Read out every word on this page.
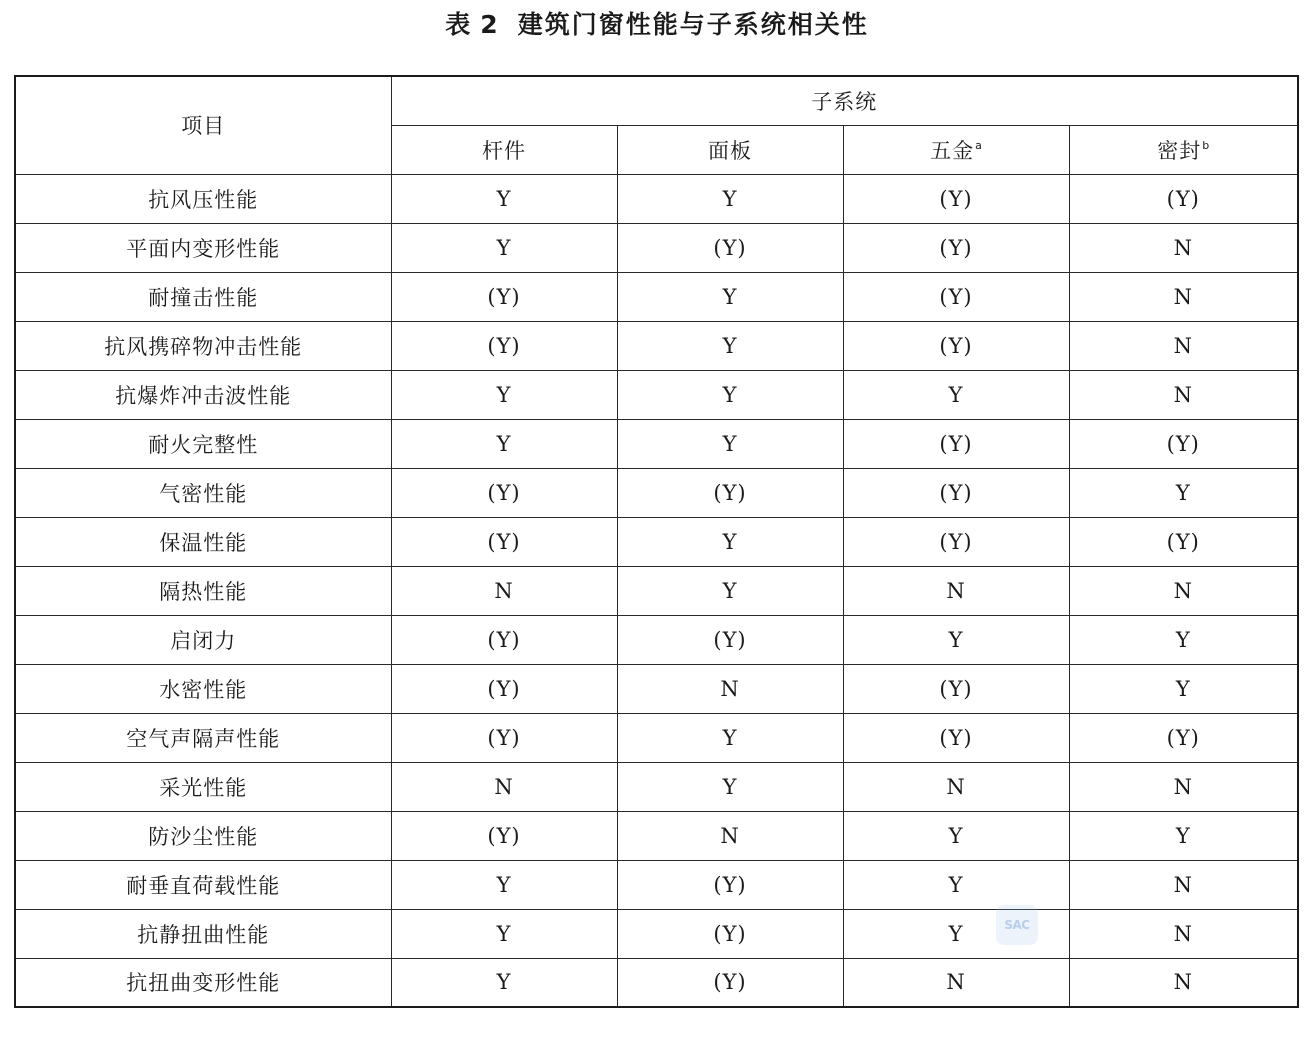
表 2 建筑门窗性能与子系统相关性
项目	子系统			
	杆件	面板	五金$^a$	密封$^b$
抗风压性能	Y	Y	(Y)	(Y)
平面内变形性能	Y	(Y)	(Y)	N
耐撞击性能	(Y)	Y	(Y)	N
抗风携碎物冲击性能	(Y)	Y	(Y)	N
抗爆炸冲击波性能	Y	Y	Y	N
耐火完整性	Y	Y	(Y)	(Y)
气密性能	(Y)	(Y)	(Y)	Y
保温性能	(Y)	Y	(Y)	(Y)
隔热性能	N	Y	N	N
启闭力	(Y)	(Y)	Y	Y
水密性能	(Y)	N	(Y)	Y
空气声隔声性能	(Y)	Y	(Y)	(Y)
采光性能	N	Y	N	N
防沙尘性能	(Y)	N	Y	Y
耐垂直荷载性能	Y	(Y)	Y	N
抗静扭曲性能	Y	(Y)	Y	N
抗扭曲变形性能	Y	(Y)	N	N
SAC
